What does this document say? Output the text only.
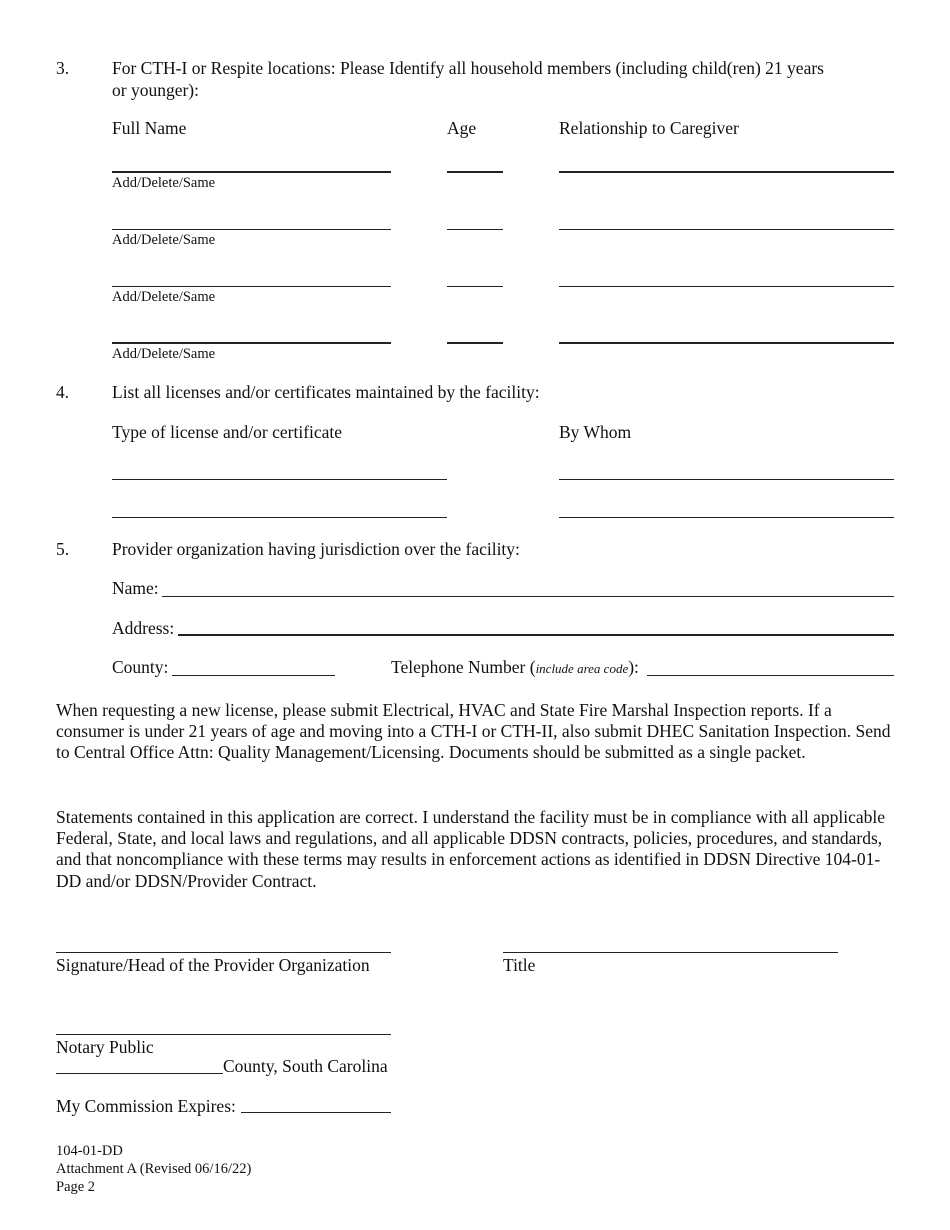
3. For CTH-I or Respite locations: Please Identify all household members (including child(ren) 21 years
or younger):
Full Name	Age	Relationship to Caregiver
Add/Delete/Same
Add/Delete/Same
Add/Delete/Same
Add/Delete/Same
4. List all licenses and/or certificates maintained by the facility:
Type of license and/or certificate	By Whom
5. Provider organization having jurisdiction over the facility:
Name:
Address:
County:	Telephone Number (include area code):
When requesting a new license, please submit Electrical, HVAC and State Fire Marshal Inspection reports. If a consumer is under 21 years of age and moving into a CTH-I or CTH-II, also submit DHEC Sanitation Inspection. Send to Central Office Attn: Quality Management/Licensing. Documents should be submitted as a single packet.
Statements contained in this application are correct. I understand the facility must be in compliance with all applicable Federal, State, and local laws and regulations, and all applicable DDSN contracts, policies, procedures, and standards, and that noncompliance with these terms may results in enforcement actions as identified in DDSN Directive 104-01-DD and/or DDSN/Provider Contract.
Signature/Head of the Provider Organization	Title
Notary Public
County, South Carolina
My Commission Expires:
104-01-DD
Attachment A (Revised 06/16/22)
Page 2
